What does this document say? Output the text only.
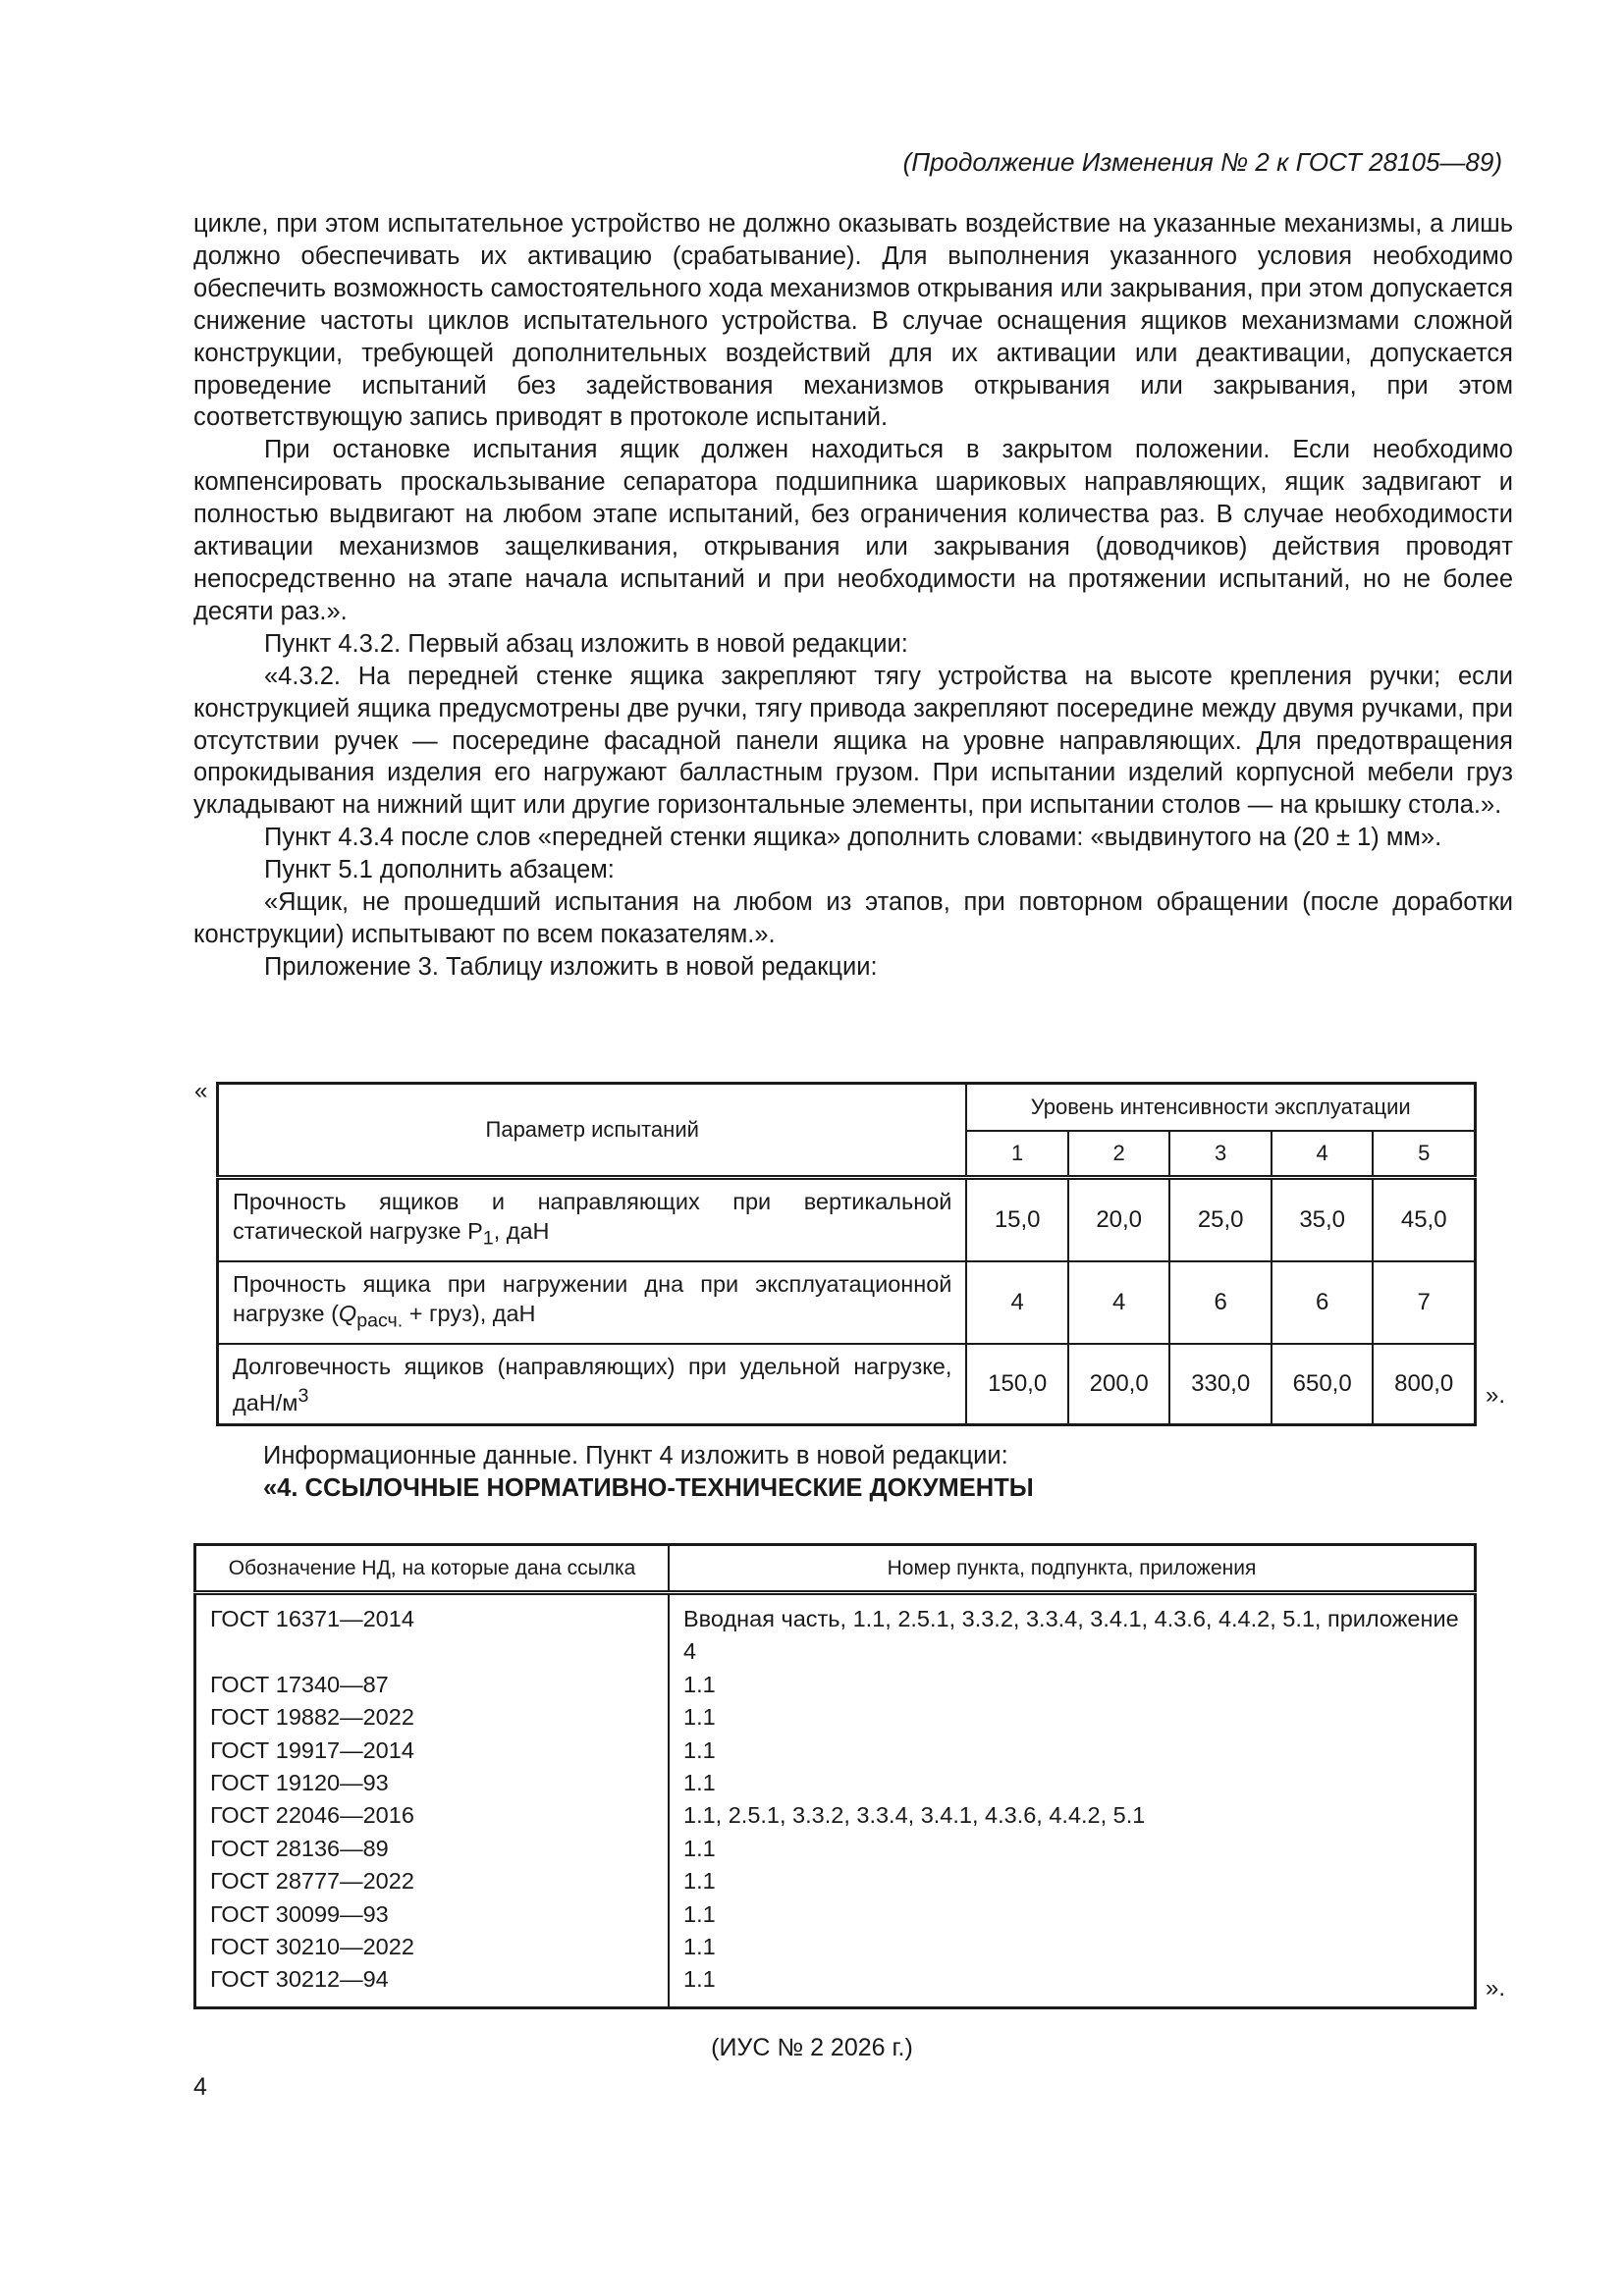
(Продолжение Изменения № 2 к ГОСТ 28105—89)

цикле, при этом испытательное устройство не должно оказывать воздействие на указанные механизмы, а лишь должно обеспечивать их активацию (срабатывание). Для выполнения указанного условия необходимо обеспечить возможность самостоятельного хода механизмов открывания или закрывания, при этом допускается снижение частоты циклов испытательного устройства. В случае оснащения ящиков механизмами сложной конструкции, требующей дополнительных воздействий для их активации или деактивации, допускается проведение испытаний без задействования механизмов открывания или закрывания, при этом соответствующую запись приводят в протоколе испытаний.

При остановке испытания ящик должен находиться в закрытом положении. Если необходимо компенсировать проскальзывание сепаратора подшипника шариковых направляющих, ящик задвигают и полностью выдвигают на любом этапе испытаний, без ограничения количества раз. В случае необходимости активации механизмов защелкивания, открывания или закрывания (доводчиков) действия проводят непосредственно на этапе начала испытаний и при необходимости на протяжении испытаний, но не более десяти раз.».

Пункт 4.3.2. Первый абзац изложить в новой редакции:

«4.3.2. На передней стенке ящика закрепляют тягу устройства на высоте крепления ручки; если конструкцией ящика предусмотрены две ручки, тягу привода закрепляют посередине между двумя ручками, при отсутствии ручек — посередине фасадной панели ящика на уровне направляющих. Для предотвращения опрокидывания изделия его нагружают балластным грузом. При испытании изделий корпусной мебели груз укладывают на нижний щит или другие горизонтальные элементы, при испытании столов — на крышку стола.».

Пункт 4.3.4 после слов «передней стенки ящика» дополнить словами: «выдвинутого на (20 ± 1) мм».

Пункт 5.1 дополнить абзацем:

«Ящик, не прошедший испытания на любом из этапов, при повторном обращении (после доработки конструкции) испытывают по всем показателям.».

Приложение 3. Таблицу изложить в новой редакции:

«
Параметр испытаний	Уровень интенсивности эксплуатации				
	1	2	3	4	5
Прочность ящиков и направляющих при вертикальной статической нагрузке $P_1$, даН	15,0	20,0	25,0	35,0	45,0
Прочность ящика при нагружении дна при эксплуатационной нагрузке ($Q_{расч.}$ + груз), даН	4	4	6	6	7
Долговечность ящиков (направляющих) при удельной нагрузке, даН/$м^3$	150,0	200,0	330,0	650,0	800,0 ».
Информационные данные. Пункт 4 изложить в новой редакции:
«4. ССЫЛОЧНЫЕ НОРМАТИВНО-ТЕХНИЧЕСКИЕ ДОКУМЕНТЫ
Обозначение НД, на которые дана ссылка	Номер пункта, подпункта, приложения
ГОСТ 16371—2014	Вводная часть, 1.1, 2.5.1, 3.3.2, 3.3.4, 3.4.1, 4.3.6, 4.4.2, 5.1, приложение 4
ГОСТ 17340—87	1.1
ГОСТ 19882—2022	1.1
ГОСТ 19917—2014	1.1
ГОСТ 19120—93	1.1
ГОСТ 22046—2016	1.1, 2.5.1, 3.3.2, 3.3.4, 3.4.1, 4.3.6, 4.4.2, 5.1
ГОСТ 28136—89	1.1
ГОСТ 28777—2022	1.1
ГОСТ 30099—93	1.1
ГОСТ 30210—2022	1.1
ГОСТ 30212—94	1.1	».
(ИУС № 2 2026 г.)
4
